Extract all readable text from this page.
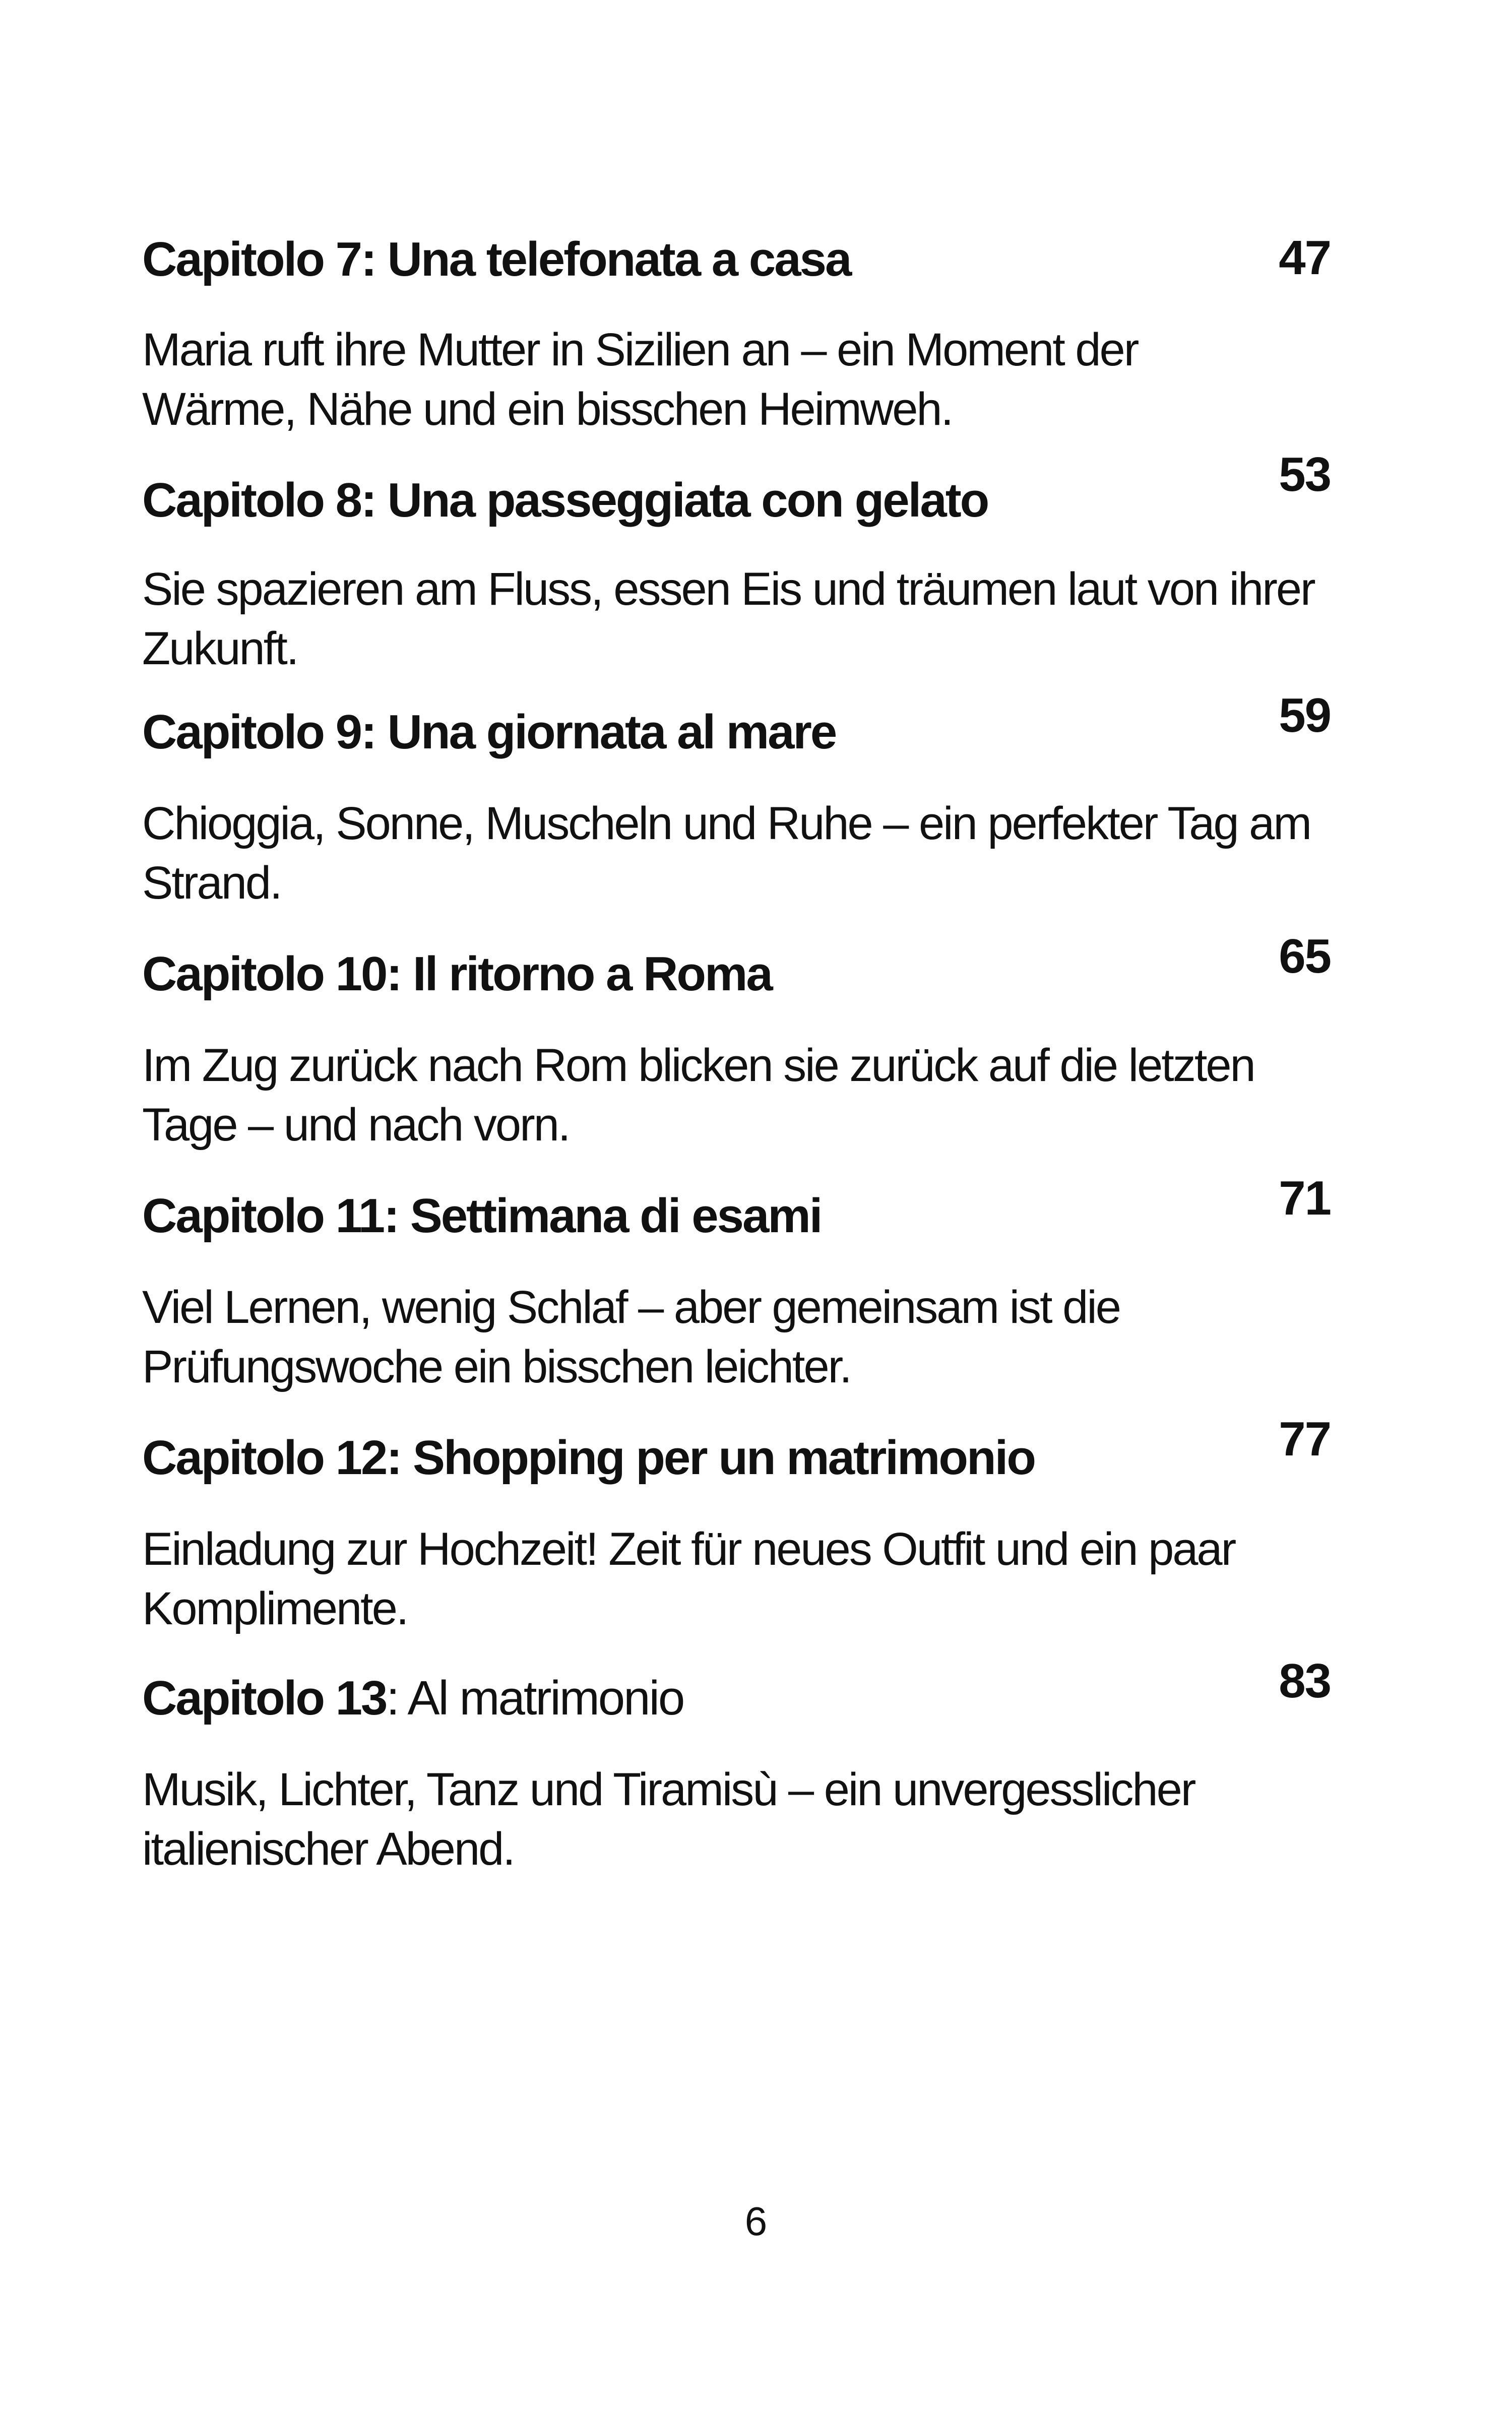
Capitolo 7: Una telefonata a casa	47
Maria ruft ihre Mutter in Sizilien an – ein Moment der
Wärme, Nähe und ein bisschen Heimweh.
Capitolo 8: Una passeggiata con gelato	53
Sie spazieren am Fluss, essen Eis und träumen laut von ihrer
Zukunft.
Capitolo 9: Una giornata al mare	59
Chioggia, Sonne, Muscheln und Ruhe – ein perfekter Tag am
Strand.
Capitolo 10: Il ritorno a Roma	65
Im Zug zurück nach Rom blicken sie zurück auf die letzten
Tage – und nach vorn.
Capitolo 11: Settimana di esami	71
Viel Lernen, wenig Schlaf – aber gemeinsam ist die
Prüfungswoche ein bisschen leichter.
Capitolo 12: Shopping per un matrimonio	77
Einladung zur Hochzeit! Zeit für neues Outfit und ein paar
Komplimente.
Capitolo 13: Al matrimonio	83
Musik, Lichter, Tanz und Tiramisù – ein unvergesslicher
italienischer Abend.
6
